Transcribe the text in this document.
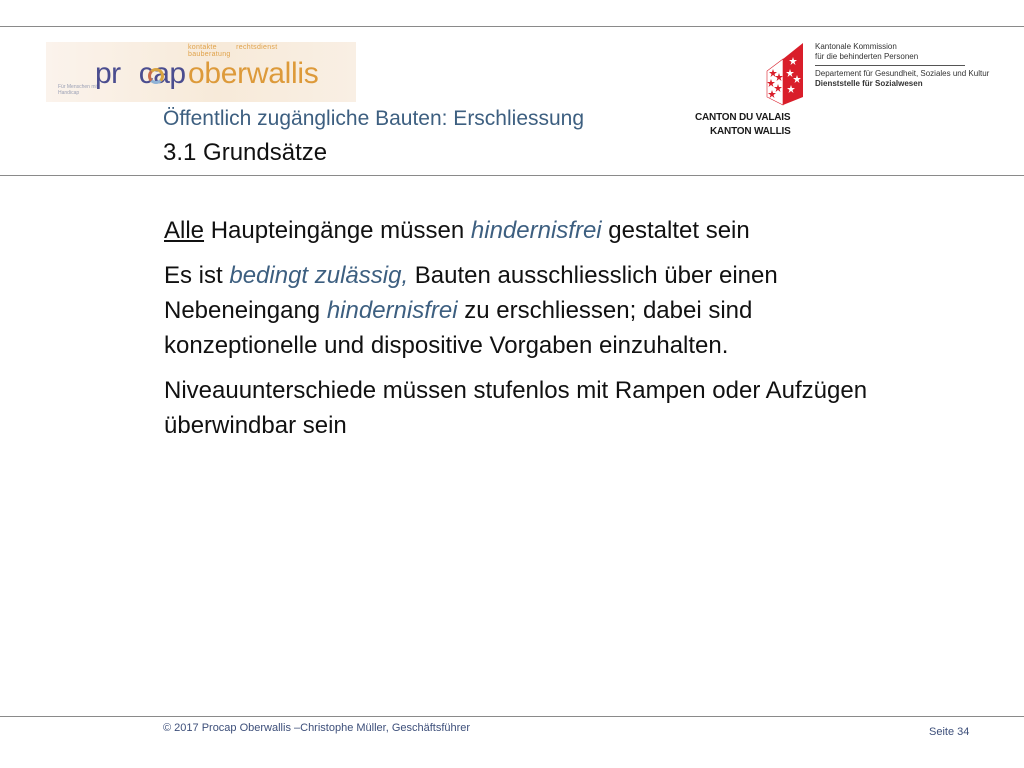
kontakte	rechtsdienst bauberatung
Für Menschen mit Handicap
pr cap oberwallis
Öffentlich zugängliche Bauten: Erschliessung
3.1 Grundsätze
Kantonale Kommission
für die behinderten Personen
Departement für Gesundheit, Soziales und Kultur
Dienststelle für Sozialwesen
CANTON DU VALAIS
KANTON WALLIS

Alle Haupteingänge müssen hindernisfrei gestaltet sein

Es ist bedingt zulässig, Bauten ausschliesslich über einen Nebeneingang hindernisfrei zu erschliessen; dabei sind konzeptionelle und dispositive Vorgaben einzuhalten.

Niveauunterschiede müssen stufenlos mit Rampen oder Aufzügen überwindbar sein

© 2017 Procap Oberwallis –Christophe Müller, Geschäftsführer	Seite 34
